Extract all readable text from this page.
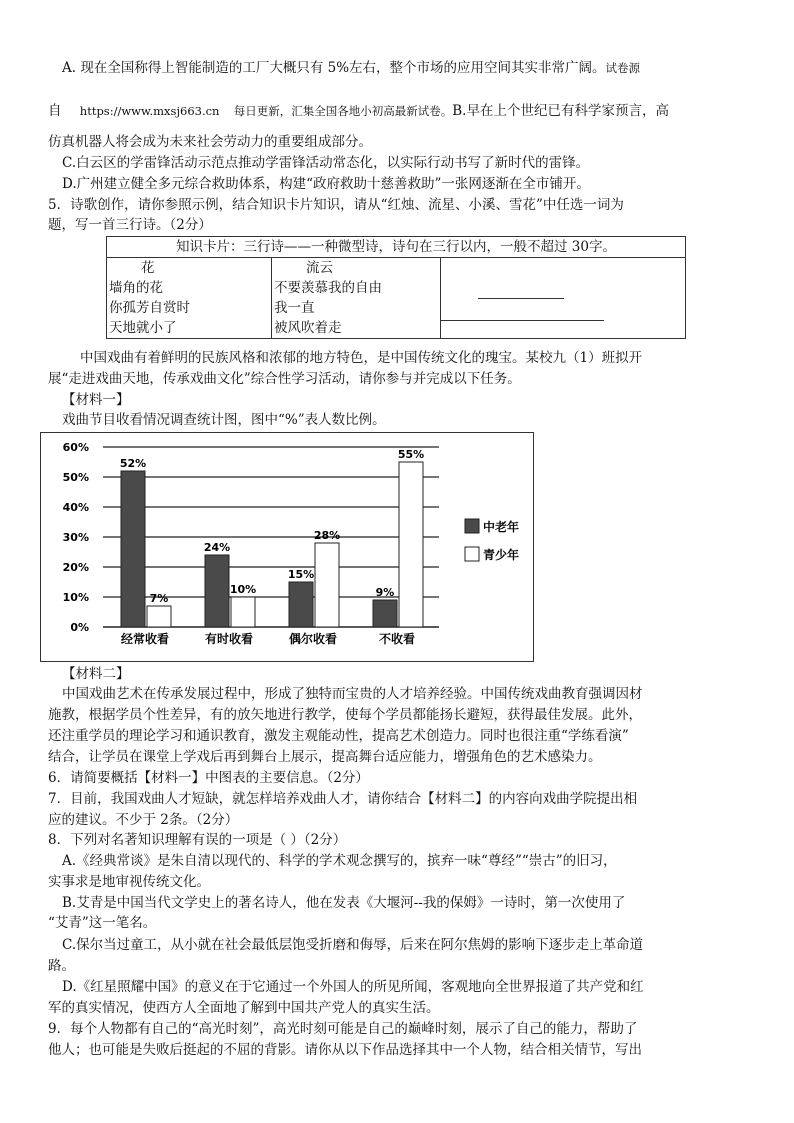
A. 现在全国称得上智能制造的工厂大概只有 5%左右，整个市场的应用空间其实非常广阔。试卷源
自 https://www.mxsj663.cn 每日更新，汇集全国各地小初高最新试卷。B.早在上个世纪已有科学家预言，高
仿真机器人将会成为未来社会劳动力的重要组成部分。
C.白云区的学雷锋活动示范点推动学雷锋活动常态化，以实际行动书写了新时代的雷锋。
D.广州建立健全多元综合救助体系，构建“政府救助十慈善救助”一张网逐渐在全市铺开。
5．诗歌创作，请你参照示例，结合知识卡片知识，请从“红烛、流星、小溪、雪花”中任选一词为
题，写一首三行诗。（2分）
知识卡片：三行诗——一种微型诗，诗句在三行以内，一般不超过 30字。

花
墙角的花
你孤芳自赏时
天地就小了

流云
不要羡慕我的自由
我一直
被风吹着走

中国戏曲有着鲜明的民族风格和浓郁的地方特色，是中国传统文化的瑰宝。某校九（1）班拟开
展“走进戏曲天地，传承戏曲文化”综合性学习活动，请你参与并完成以下任务。
【材料一】
戏曲节目收看情况调查统计图，图中“%”表人数比例。
0%
10%
20%
30%
40%
50%
60%
52%
7%
经常收看
24%
10%
有时收看
15%
28%
偶尔收看
9%
55%
不收看
中老年
青少年
【材料二】
中国戏曲艺术在传承发展过程中，形成了独特而宝贵的人才培养经验。中国传统戏曲教育强调因材
施教，根据学员个性差异，有的放矢地进行教学，使每个学员都能扬长避短，获得最佳发展。此外，
还注重学员的理论学习和通识教育，激发主观能动性，提高艺术创造力。同时也很注重“学练看演”
结合，让学员在课堂上学戏后再到舞台上展示，提高舞台适应能力，增强角色的艺术感染力。
6．请简要概括【材料一】中图表的主要信息。（2分）
7．目前，我国戏曲人才短缺，就怎样培养戏曲人才，请你结合【材料二】的内容向戏曲学院提出相
应的建议。不少于 2条。（2分）
8．下列对名著知识理解有误的一项是（ ）（2分）
A.《经典常谈》是朱自清以现代的、科学的学术观念撰写的，摈弃一味“尊经”“崇古”的旧习，
实事求是地审视传统文化。
B.艾青是中国当代文学史上的著名诗人，他在发表《大堰河--我的保姆》一诗时，第一次使用了
“艾青”这一笔名。
C.保尔当过童工，从小就在社会最低层饱受折磨和侮辱，后来在阿尔焦姆的影响下逐步走上革命道
路。
D.《红星照耀中国》的意义在于它通过一个外国人的所见所闻，客观地向全世界报道了共产党和红
军的真实情况，使西方人全面地了解到中国共产党人的真实生活。
9．每个人物都有自己的“高光时刻”，高光时刻可能是自己的巅峰时刻，展示了自己的能力，帮助了
他人；也可能是失败后挺起的不屈的背影。请你从以下作品选择其中一个人物，结合相关情节，写出
